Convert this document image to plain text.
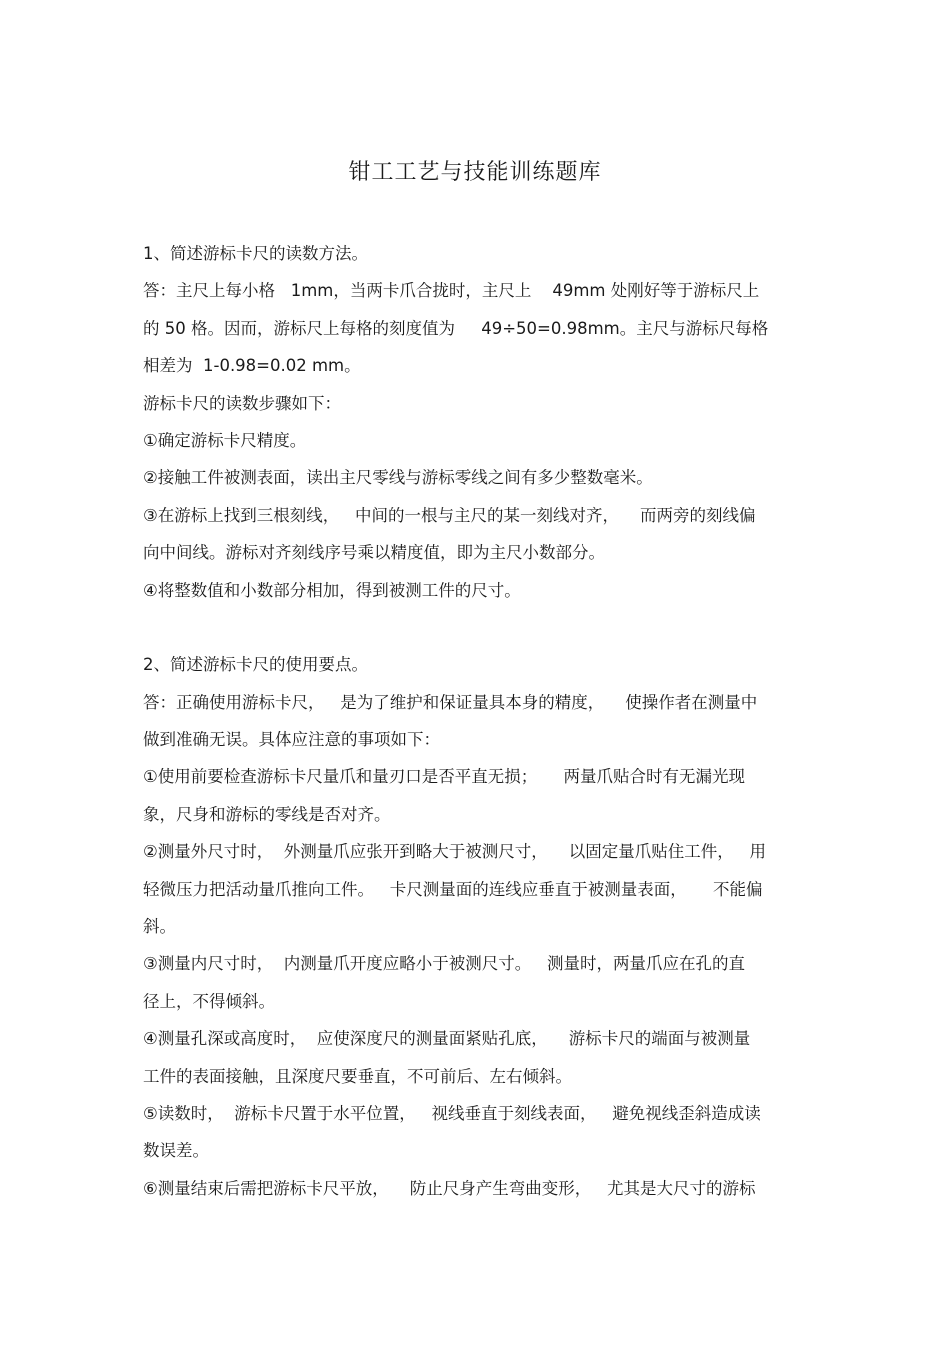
钳工工艺与技能训练题库
1、简述游标卡尺的读数方法。
答：主尺上每小格   1mm，当两卡爪合拢时，主尺上    49mm 处刚好等于游标尺上
的 50 格。因而，游标尺上每格的刻度值为     49÷50=0.98mm。主尺与游标尺每格
相差为  1-0.98=0.02 mm。
游标卡尺的读数步骤如下：
①确定游标卡尺精度。
②接触工件被测表面，读出主尺零线与游标零线之间有多少整数毫米。
③在游标上找到三根刻线，   中间的一根与主尺的某一刻线对齐，    而两旁的刻线偏
向中间线。游标对齐刻线序号乘以精度值，即为主尺小数部分。
④将整数值和小数部分相加，得到被测工件的尺寸。
2、简述游标卡尺的使用要点。
答：正确使用游标卡尺，   是为了维护和保证量具本身的精度，    使操作者在测量中
做到准确无误。具体应注意的事项如下：
①使用前要检查游标卡尺量爪和量刃口是否平直无损；     两量爪贴合时有无漏光现
象，尺身和游标的零线是否对齐。
②测量外尺寸时，  外测量爪应张开到略大于被测尺寸，    以固定量爪贴住工件，   用
轻微压力把活动量爪推向工件。   卡尺测量面的连线应垂直于被测量表面，     不能偏
斜。
③测量内尺寸时，  内测量爪开度应略小于被测尺寸。   测量时，两量爪应在孔的直
径上，不得倾斜。
④测量孔深或高度时，  应使深度尺的测量面紧贴孔底，    游标卡尺的端面与被测量
工件的表面接触，且深度尺要垂直，不可前后、左右倾斜。
⑤读数时，  游标卡尺置于水平位置，   视线垂直于刻线表面，   避免视线歪斜造成读
数误差。
⑥测量结束后需把游标卡尺平放，    防止尺身产生弯曲变形，   尤其是大尺寸的游标
